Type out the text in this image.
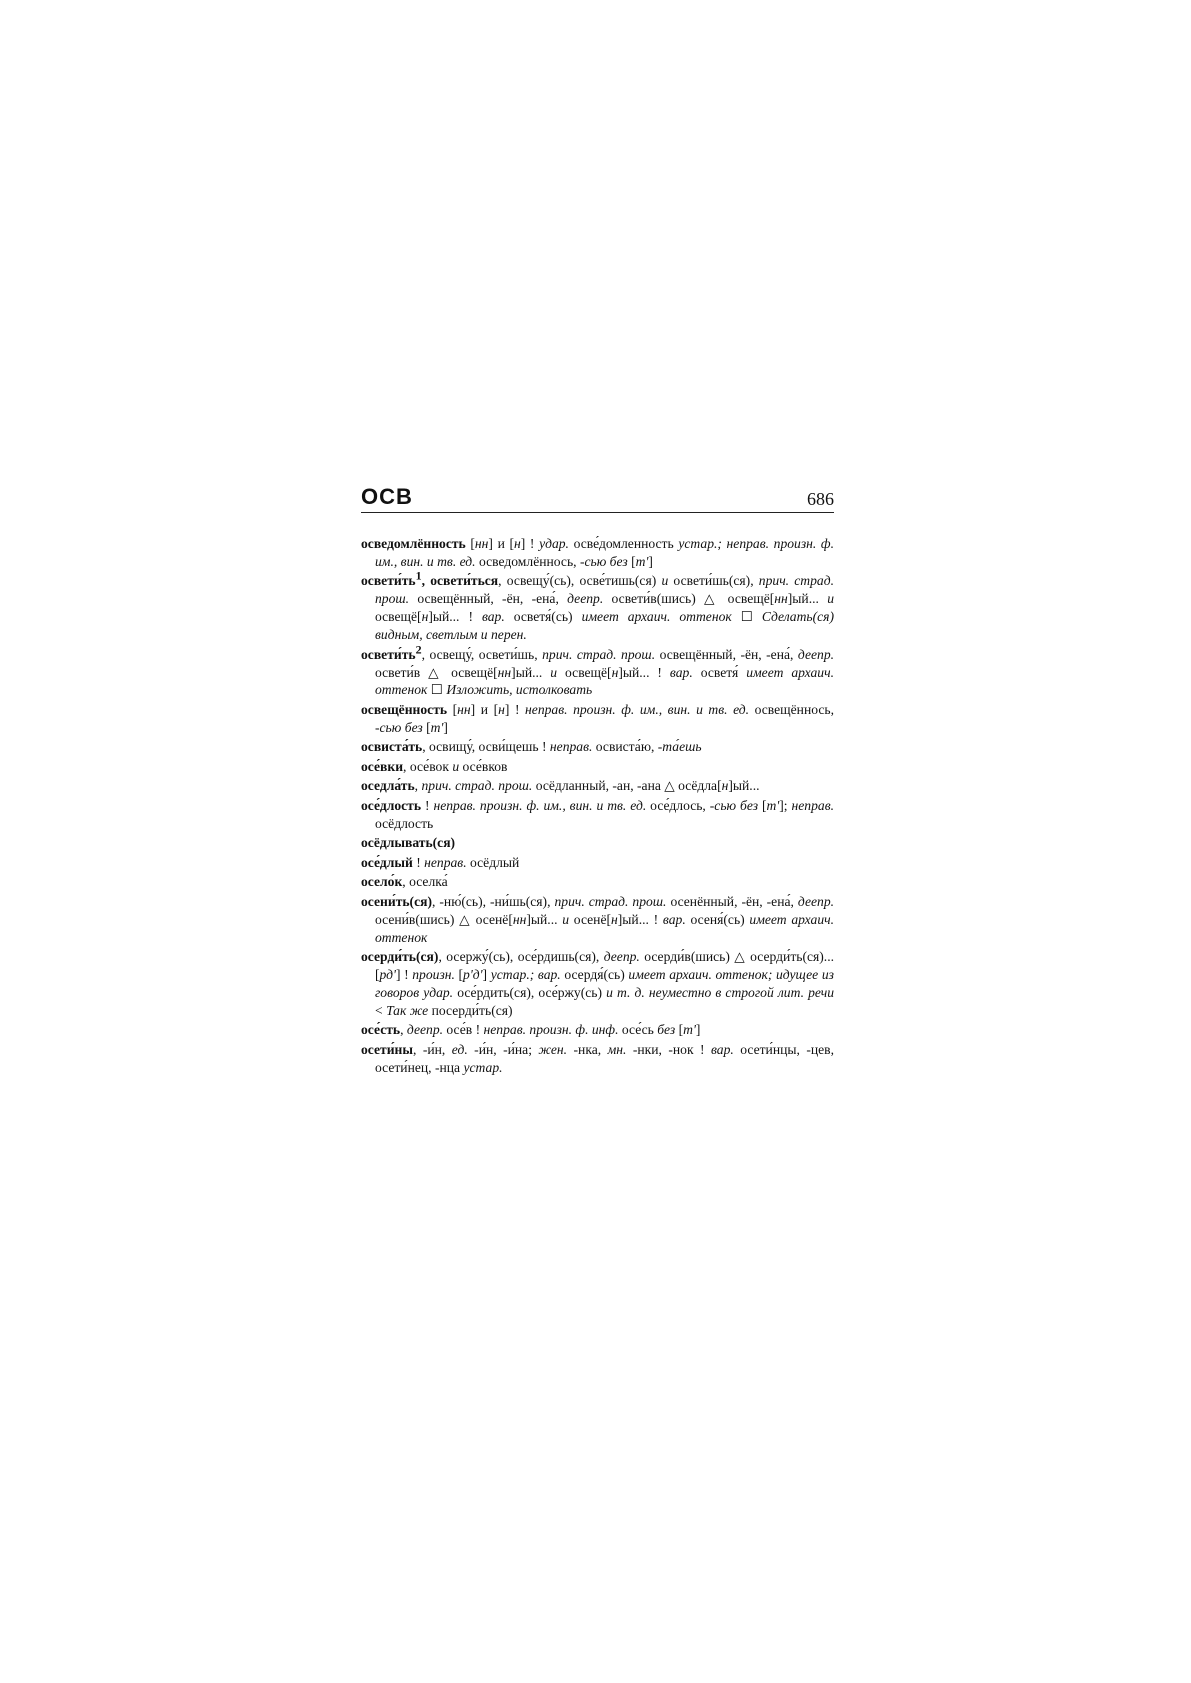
ОСВ	686

осведомлённость [нн] и [н] ! удар. осве́домленность устар.; неправ. произн. ф. им., вин. и тв. ед. осведомлённось, -сью без [т']

освети́ть1, освети́ться, освещу́(сь), осве́тишь(ся) и освети́шь(ся), прич. страд. прош. освещённый, -ён, -ена́, деепр. освети́в(шись) △ освещё[нн]ый... и освещё[н]ый... ! вар. осветя́(сь) имеет архаич. оттенок ☐ Сделать(ся) видным, светлым и перен.

освети́ть2, освещу́, освети́шь, прич. страд. прош. освещённый, -ён, -ена́, деепр. освети́в △ освещё[нн]ый... и освещё[н]ый... ! вар. осветя́ имеет архаич. оттенок ☐ Изложить, истолковать

освещённость [нн] и [н] ! неправ. произн. ф. им., вин. и тв. ед. освещённось, -сью без [т']

освиста́ть, освищу́, осви́щешь ! неправ. освиста́ю, -та́ешь

осе́вки, осе́вок и осе́вков

оседла́ть, прич. страд. прош. осёдланный, -ан, -ана △ осёдла[н]ый...

осе́длость ! неправ. произн. ф. им., вин. и тв. ед. осе́длось, -сью без [т']; неправ. осёдлость

осёдлывать(ся)

осе́длый ! неправ. осёдлый

осело́к, оселка́

осени́ть(ся), -ню́(сь), -ни́шь(ся), прич. страд. прош. осенённый, -ён, -ена́, деепр. осени́в(шись) △ осенё[нн]ый... и осенё[н]ый... ! вар. осеня́(сь) имеет архаич. оттенок

осерди́ть(ся), осержу́(сь), осе́рдишь(ся), деепр. осерди́в(шись) △ осерди́ть(ся)... [рд'] ! произн. [р'д'] устар.; вар. осердя́(сь) имеет архаич. оттенок; идущее из говоров удар. осе́рдить(ся), осе́ржу(сь) и т. д. неуместно в строгой лит. речи < Так же посерди́ть(ся)

осе́сть, деепр. осе́в ! неправ. произн. ф. инф. осе́сь без [т']

осети́ны, -и́н, ед. -и́н, -и́на; жен. -нка, мн. -нки, -нок ! вар. осети́нцы, -цев, осети́нец, -нца устар.
